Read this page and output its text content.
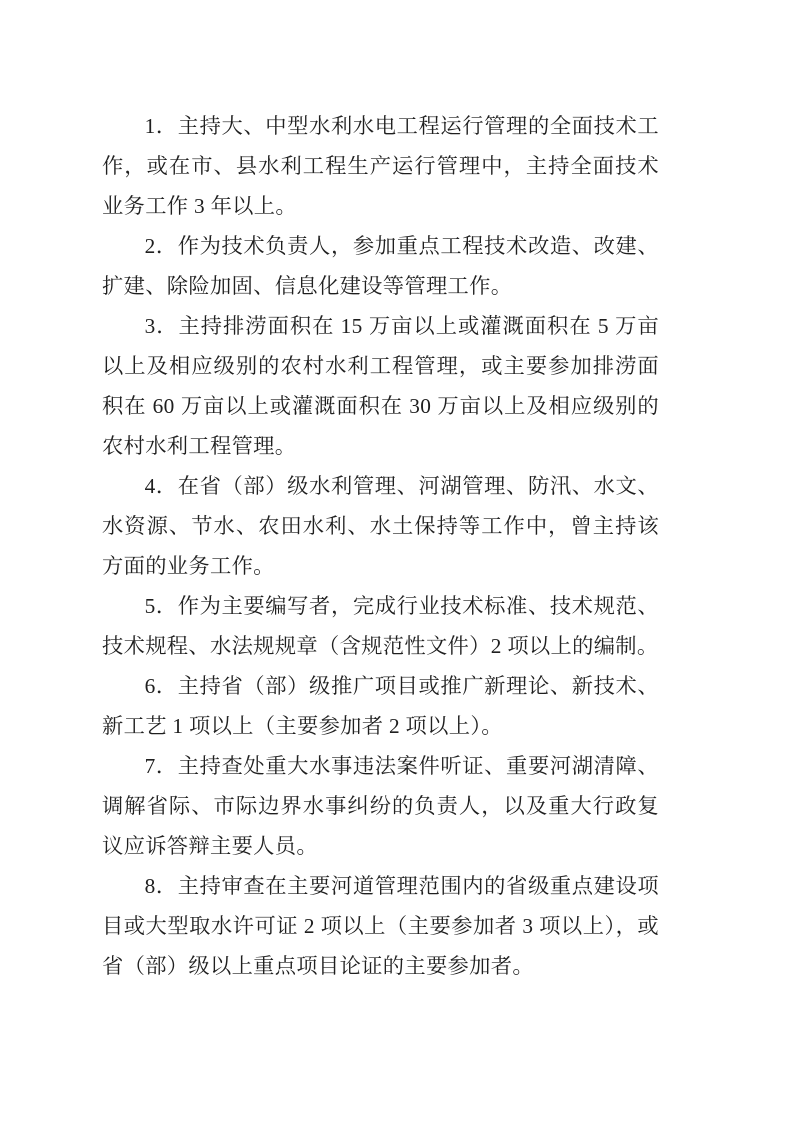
1．主持大、中型水利水电工程运行管理的全面技术工作，或在市、县水利工程生产运行管理中，主持全面技术业务工作 3 年以上。

2．作为技术负责人，参加重点工程技术改造、改建、扩建、除险加固、信息化建设等管理工作。

3．主持排涝面积在 15 万亩以上或灌溉面积在 5 万亩以上及相应级别的农村水利工程管理，或主要参加排涝面积在 60 万亩以上或灌溉面积在 30 万亩以上及相应级别的农村水利工程管理。

4．在省（部）级水利管理、河湖管理、防汛、水文、水资源、节水、农田水利、水土保持等工作中，曾主持该方面的业务工作。

5．作为主要编写者，完成行业技术标准、技术规范、技术规程、水法规规章（含规范性文件）2 项以上的编制。

6．主持省（部）级推广项目或推广新理论、新技术、新工艺 1 项以上（主要参加者 2 项以上）。

7．主持查处重大水事违法案件听证、重要河湖清障、调解省际、市际边界水事纠纷的负责人，以及重大行政复议应诉答辩主要人员。

8．主持审查在主要河道管理范围内的省级重点建设项目或大型取水许可证 2 项以上（主要参加者 3 项以上），或省（部）级以上重点项目论证的主要参加者。
